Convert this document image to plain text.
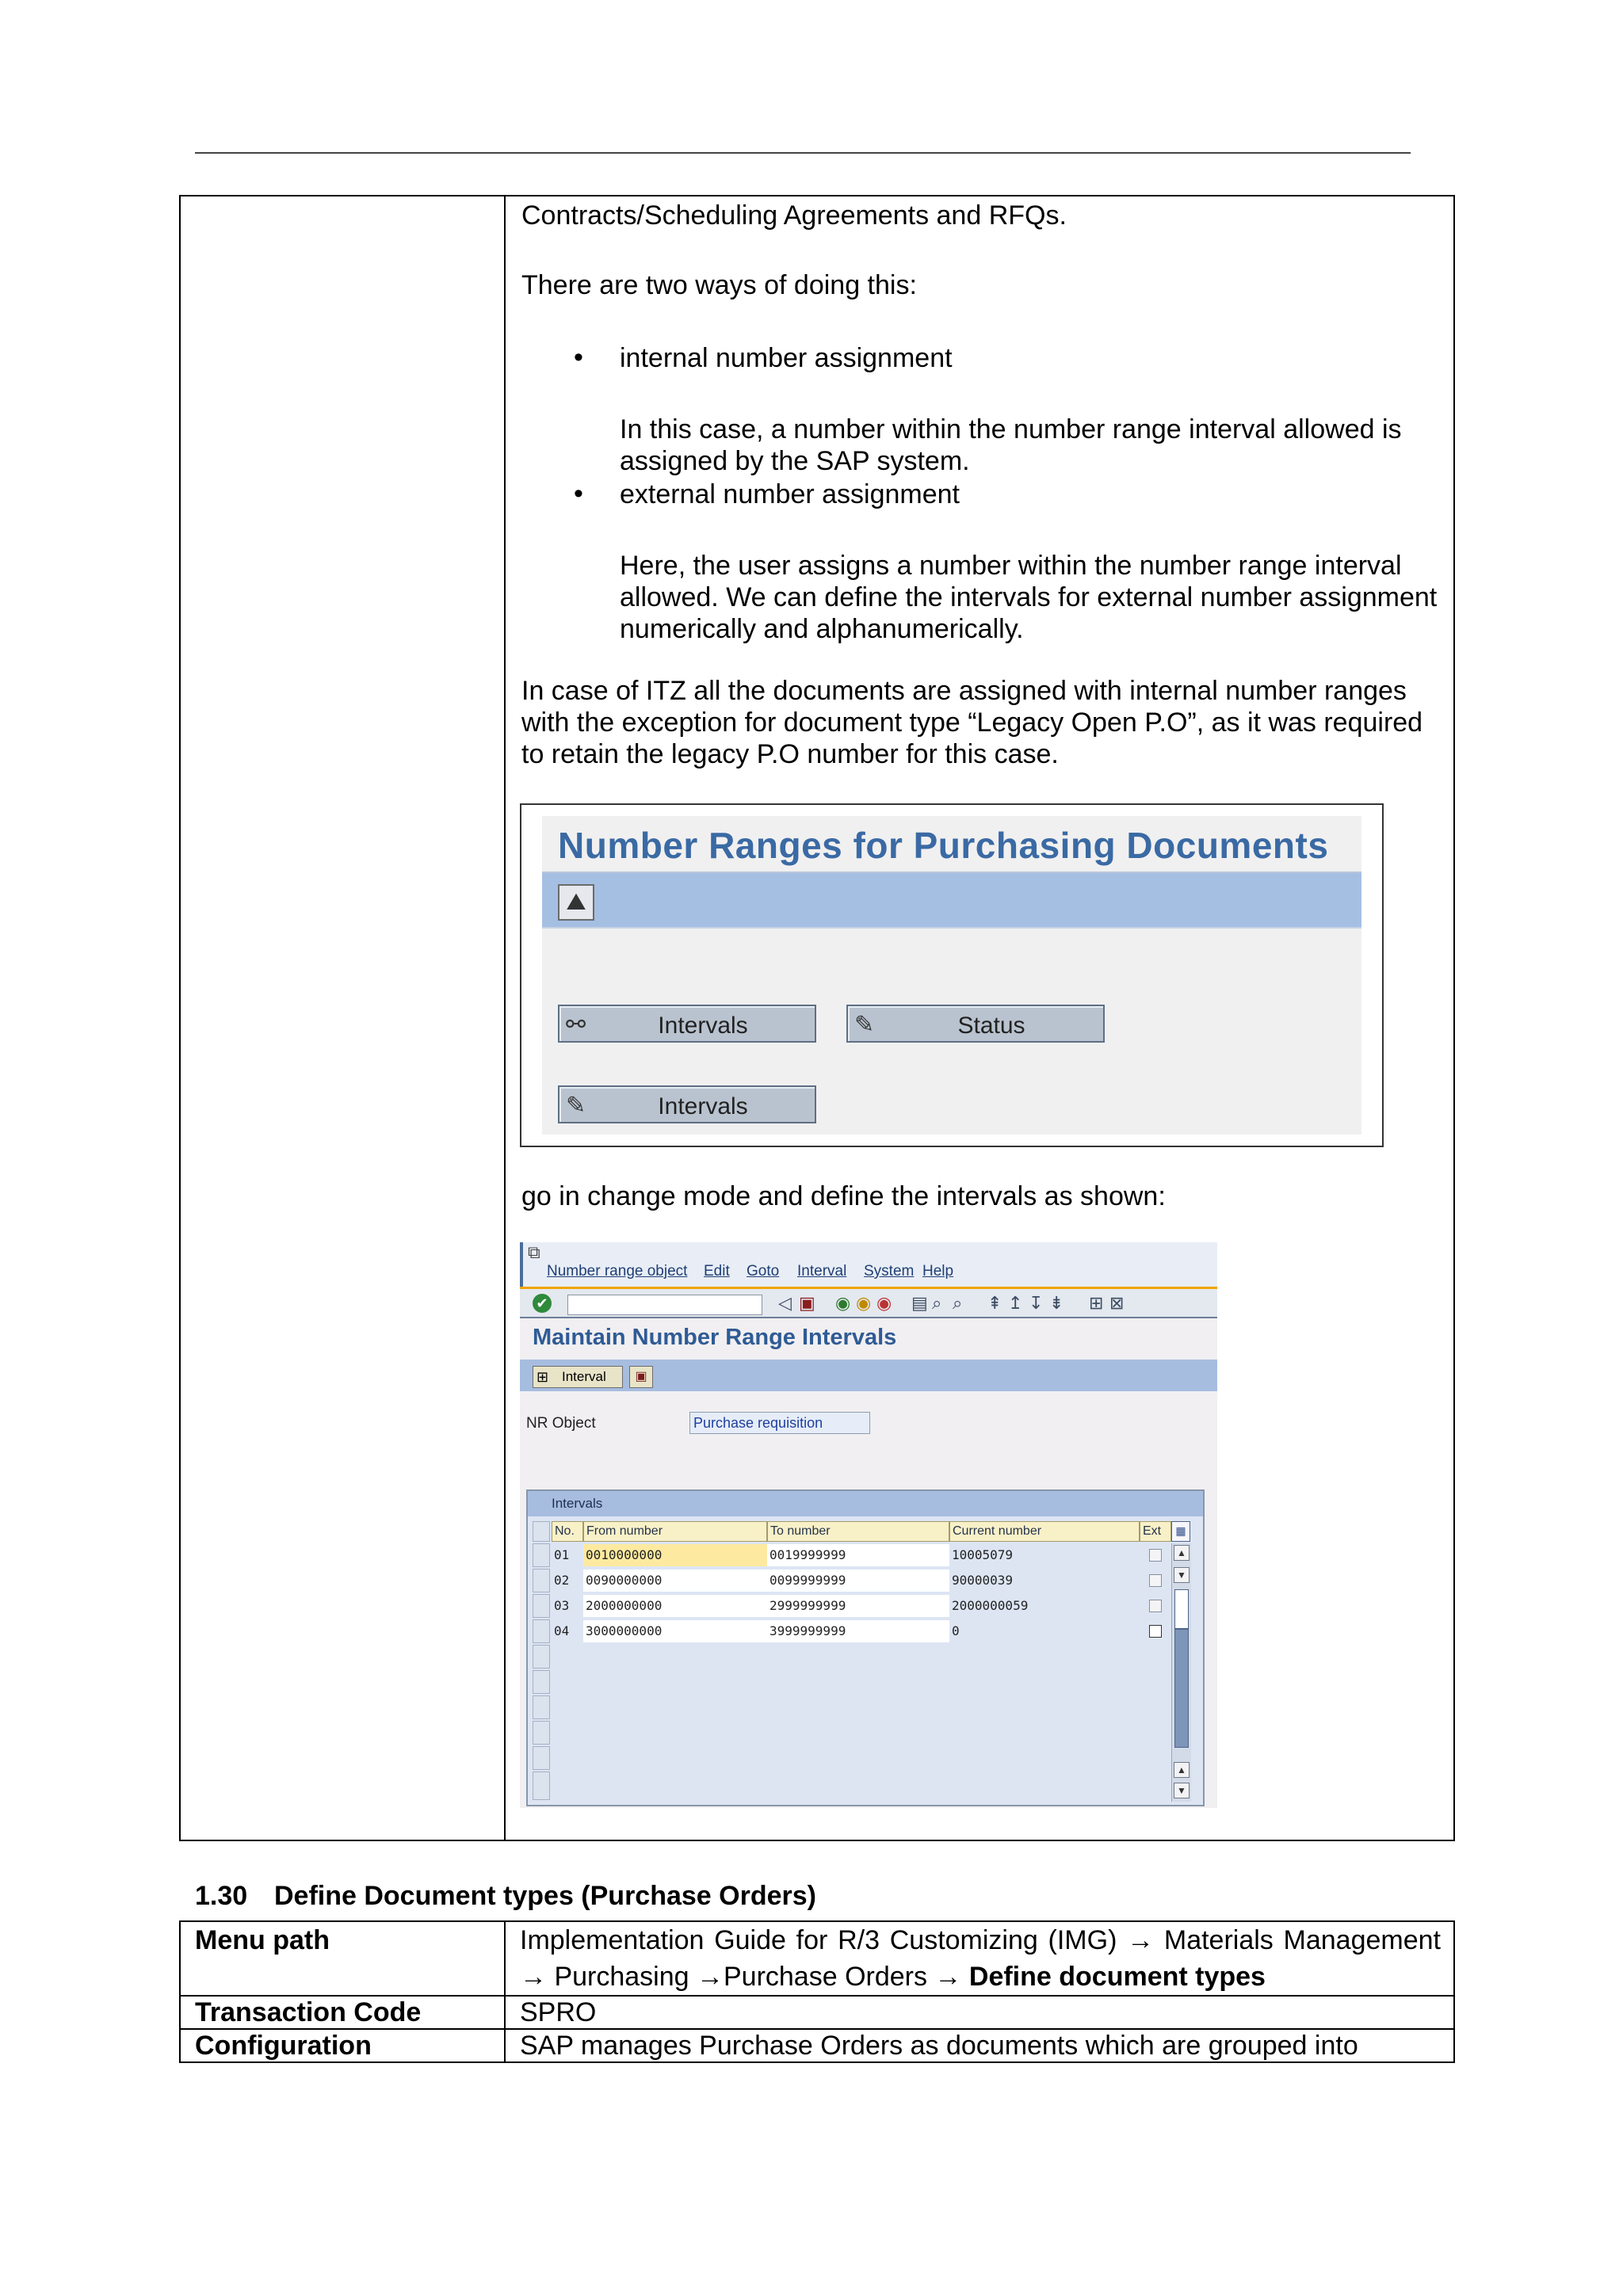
Contracts/Scheduling Agreements and RFQs.
There are two ways of doing this:
• internal number assignment
In this case, a number within the number range interval allowed is assigned by the SAP system.
• external number assignment
Here, the user assigns a number within the number range interval allowed. We can define the intervals for external number assignment numerically and alphanumerically.
In case of ITZ all the documents are assigned with internal number ranges with the exception for document type “Legacy Open P.O”, as it was required to retain the legacy P.O number for this case.
go in change mode and define the intervals as shown:
Number Ranges for Purchasing Documents
⛰
⚯	Intervals	✎	Status
✎	Intervals
⧉
Number range object Edit Goto Interval System Help
✔	◁ ▣ ◉ ◉ ◉ ▤ ⌕ ⌕ ⇞ ↥ ↧ ⇟ ⊞ ⊠
Maintain Number Range Intervals
⊞ Interval	▣
NR Object	Purchase requisition
Intervals
No. From number	To number	Current number	Ext	▦
01	0010000000	0019999999	10005079
02	0090000000	0099999999	90000039
03	2000000000	2999999999	2000000059
04	3000000000	3999999999	0
▲
▼
▲
▼
1.30 Define Document types (Purchase Orders)
Menu path	Implementation Guide for R/3 Customizing (IMG) → Materials Management → Purchasing →Purchase Orders → Define document types
Transaction Code	SPRO
Configuration	SAP manages Purchase Orders as documents which are grouped into
